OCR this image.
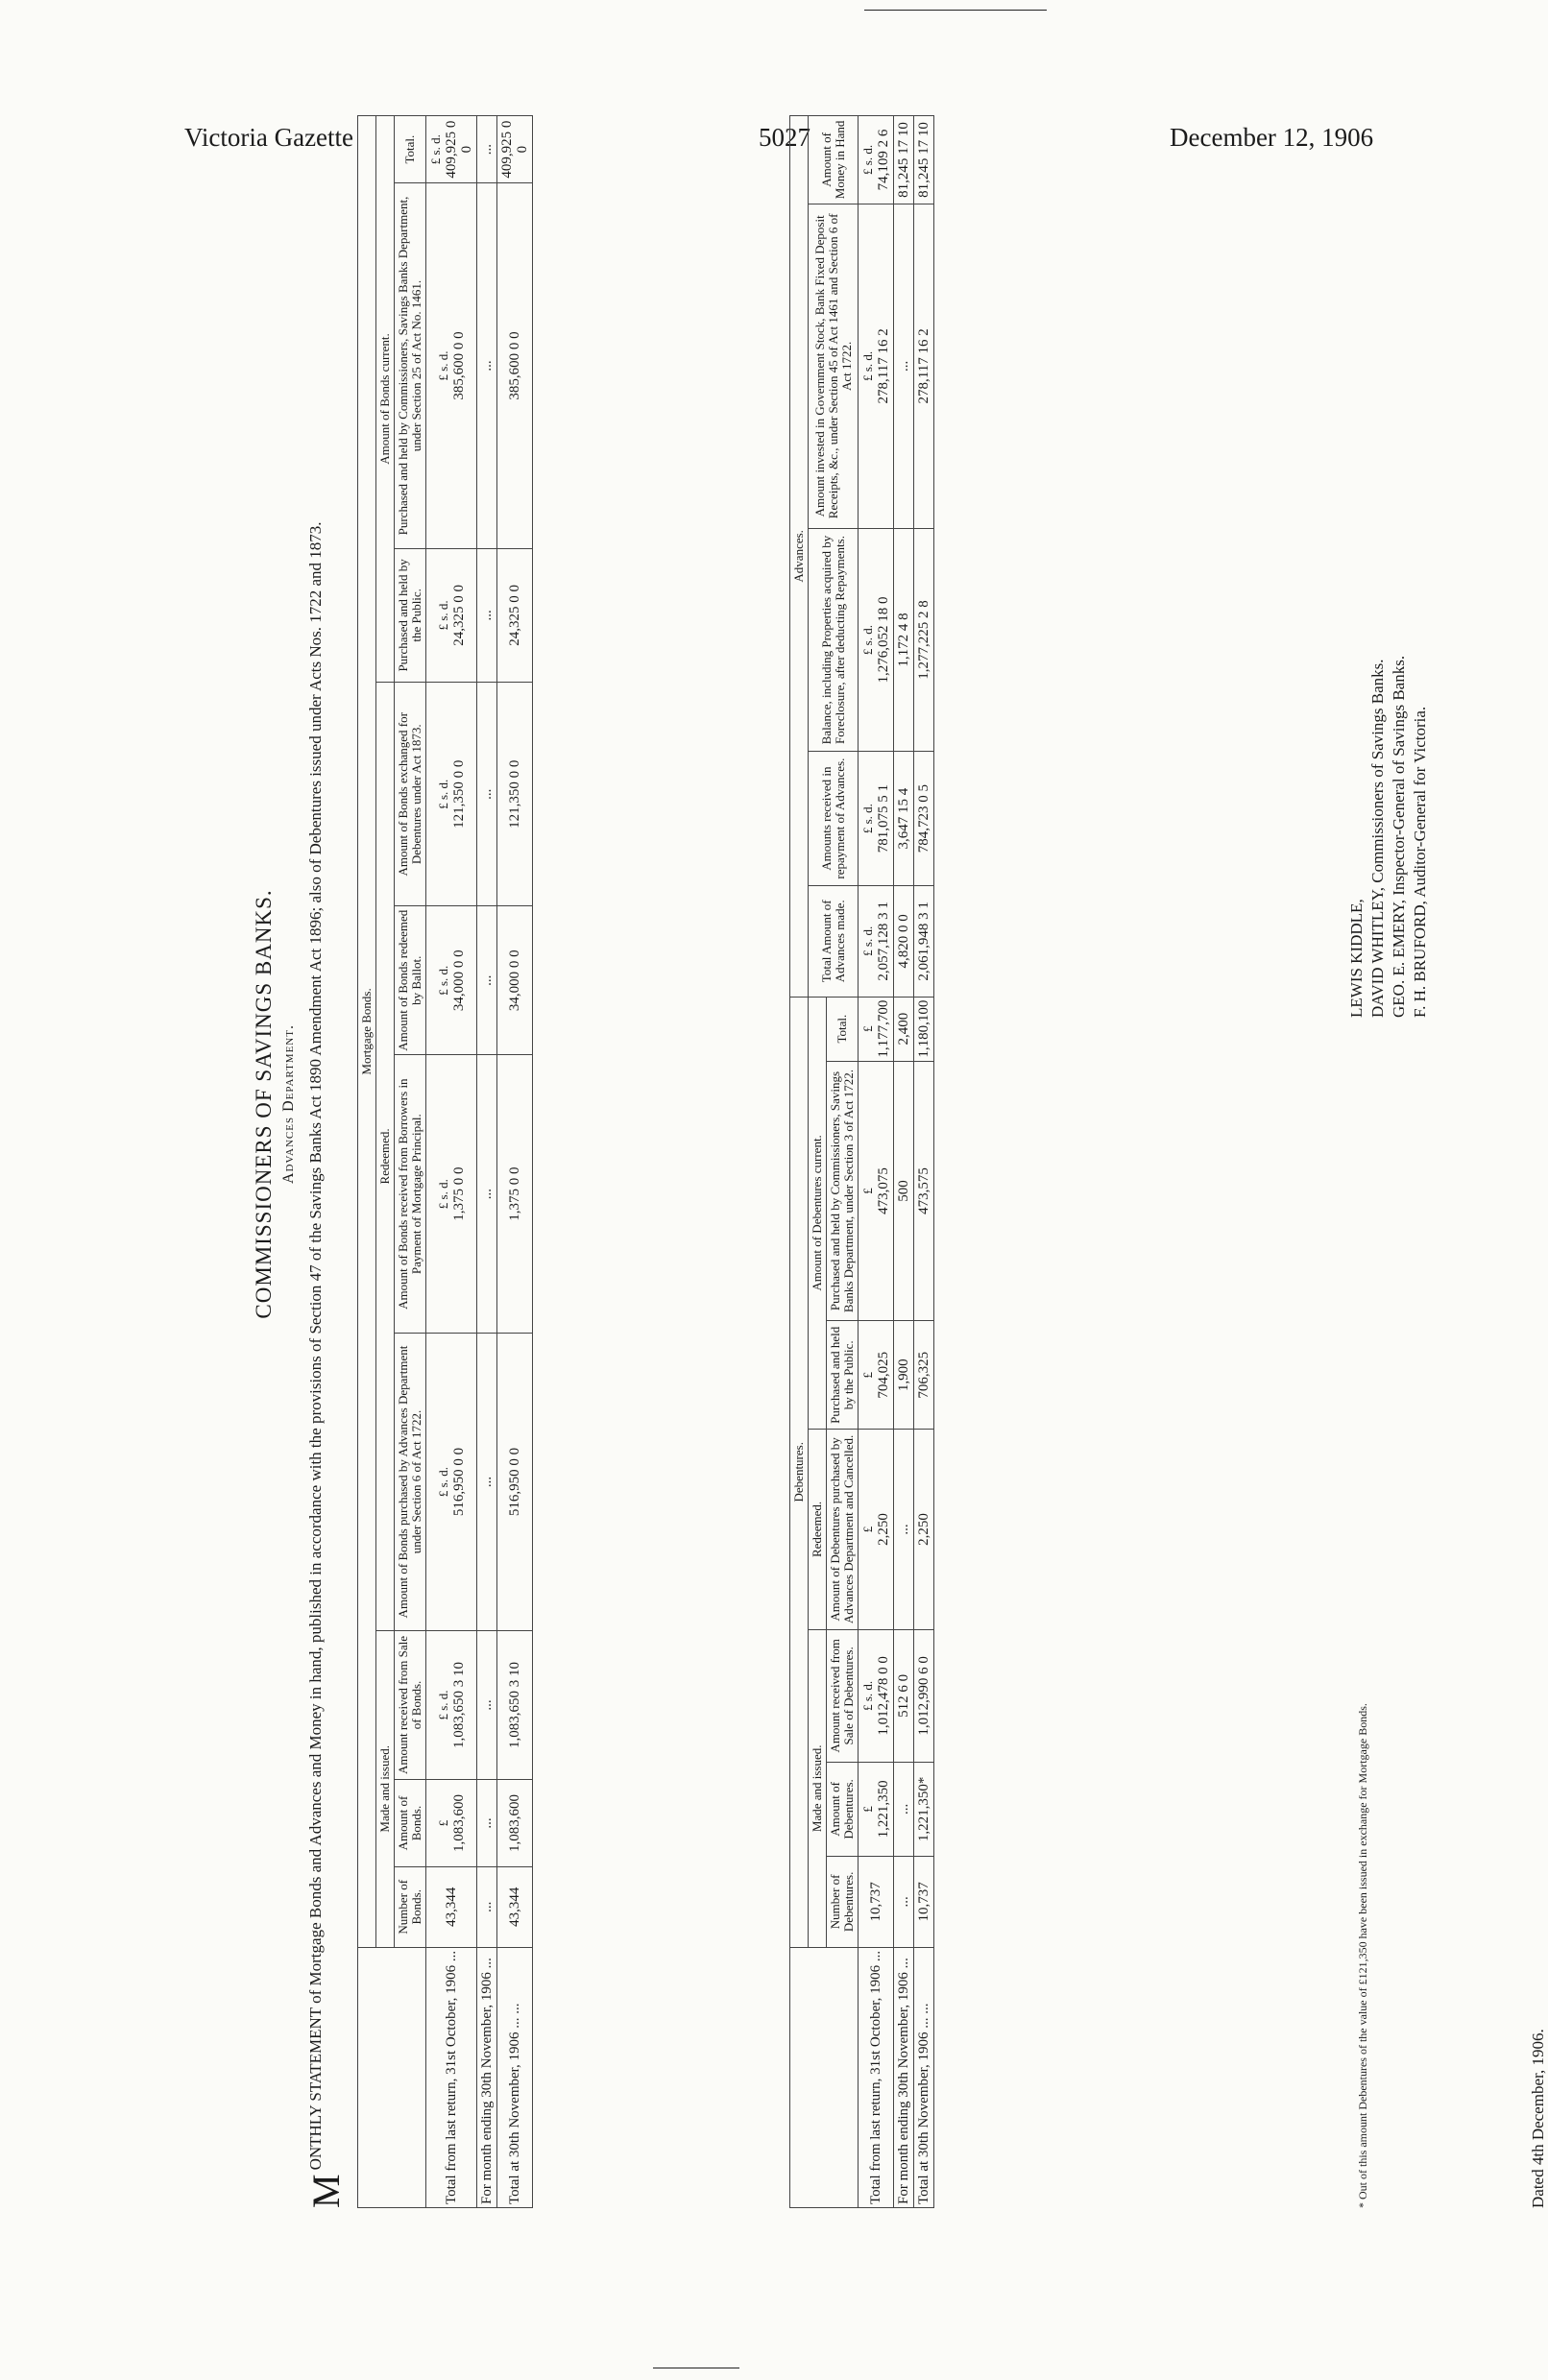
Victoria Gazette	5027	December 12, 1906
COMMISSIONERS OF SAVINGS BANKS. Advances Department.
M
ONTHLY STATEMENT of Mortgage Bonds and Advances and Money in hand, published in accordance with the provisions of Section 47 of the Savings Banks Act 1890 Amendment Act 1896; also of Debentures issued under Acts Nos. 1722 and 1873.
		Mortgage Bonds.									
	Made and issued.			Redeemed.				Amount of Bonds current.		
	Number of Bonds.	Amount of Bonds.	Amount received from Sale of Bonds.	Amount of Bonds purchased by Advances Department under Section 6 of Act 1722.	Amount of Bonds received from Borrowers in Payment of Mortgage Principal.	Amount of Bonds redeemed by Ballot.	Amount of Bonds exchanged for Debentures under Act 1873.	Purchased and held by the Public.	Purchased and held by Commissioners, Savings Banks Department, under Section 25 of Act No. 1461.	Total.
Total from last return, 31st October, 1906 ...	43,344	£ 1,083,600	£ s. d. 1,083,650 3 10	£ s. d. 516,950 0 0	£ s. d. 1,375 0 0	£ s. d. 34,000 0 0	£ s. d. 121,350 0 0	£ s. d. 24,325 0 0	£ s. d. 385,600 0 0	£ s. d. 409,925 0 0
For month ending 30th November, 1906 ...	...	...	...	...	...	...	...	...	...	...
Total at 30th November, 1906 ... ...	43,344	1,083,600	1,083,650 3 10	516,950 0 0	1,375 0 0	34,000 0 0	121,350 0 0	24,325 0 0	385,600 0 0	409,925 0 0
	Debentures.							Advances.				
	Made and issued.			Redeemed.	Amount of Debentures current.			Total Amount of Advances made.	Amounts received in repayment of Advances.	Balance, including Properties acquired by Foreclosure, after deducting Repayments.	Amount invested in Government Stock, Bank Fixed Deposit Receipts, &c., under Section 45 of Act 1461 and Section 6 of Act 1722.	Amount of Money in Hand
	Number of Debentures.	Amount of Debentures.	Amount received from Sale of Debentures.	Amount of Debentures purchased by Advances Department and Cancelled.	Purchased and held by the Public.	Purchased and held by Commissioners, Savings Banks Department, under Section 3 of Act 1722.	Total.					
Total from last return, 31st October, 1906 ...	10,737	£ 1,221,350	£ s. d. 1,012,478 0 0	£ 2,250	£ 704,025	£ 473,075	£ 1,177,700	£ s. d. 2,057,128 3 1	£ s. d. 781,075 5 1	£ s. d. 1,276,052 18 0	£ s. d. 278,117 16 2	£ s. d. 74,109 2 6
For month ending 30th November, 1906 ...	...	...	512 6 0	...	1,900	500	2,400	4,820 0 0	3,647 15 4	1,172 4 8	...	81,245 17 10
Total at 30th November, 1906 ... ...	10,737	1,221,350*	1,012,990 6 0	2,250	706,325	473,575	1,180,100	2,061,948 3 1	784,723 0 5	1,277,225 2 8	278,117 16 2	81,245 17 10
* Out of this amount Debentures of the value of £121,350 have been issued in exchange for Mortgage Bonds.
LEWIS KIDDLE, DAVID WHITLEY, Commissioners of Savings Banks. GEO. E. EMERY, Inspector-General of Savings Banks. F. H. BRUFORD, Auditor-General for Victoria.
Dated 4th December, 1906.
